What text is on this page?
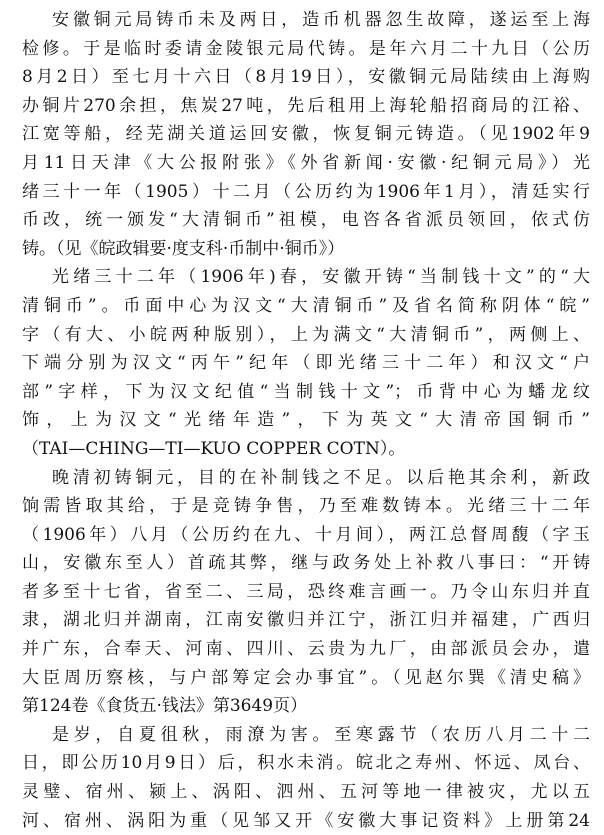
安徽铜元局铸币未及两日，造币机器忽生故障，遂运至上海
检修。于是临时委请金陵银元局代铸。是年六月二十九日（公历
8月2日）至七月十六日（8月19日），安徽铜元局陆续由上海购
办铜片270余担，焦炭27吨，先后租用上海轮船招商局的江裕、
江宽等船，经芜湖关道运回安徽，恢复铜元铸造。（见1902年9
月11日天津《大公报附张》《外省新闻·安徽·纪铜元局》）光
绪三十一年（1905）十二月（公历约为1906年1月），清廷实行
币改，统一颁发“大清铜币”祖模，电咨各省派员领回，依式仿
铸。（见《皖政辑要·度支科·币制中·铜币》）
光绪三十二年（1906年)春，安徽开铸“当制钱十文”的“大
清铜币”。币面中心为汉文“大清铜币”及省名简称阴体“皖”
字（有大、小皖两种版别），上为满文“大清铜币”，两侧上、
下端分别为汉文“丙午”纪年（即光绪三十二年）和汉文“户
部”字样，下为汉文纪值“当制钱十文”；币背中心为蟠龙纹
饰，上为汉文“光绪年造”，下为英文“大清帝国铜币”
（TAI—CHING—TI—KUO COPPER COTN）。
晚清初铸铜元，目的在补制钱之不足。以后艳其余利，新政
饷需皆取其给，于是竞铸争售，乃至难数铸本。光绪三十二年
（1906年）八月（公历约在九、十月间），两江总督周馥（字玉
山，安徽东至人）首疏其弊，继与政务处上补救八事曰：“开铸
者多至十七省，省至二、三局，恐终难言画一。乃令山东归并直
隶，湖北归并湖南，江南安徽归并江宁，浙江归并福建，广西归
并广东，合奉天、河南、四川、云贵为九厂，由部派员会办，遣
大臣周历察核，与户部筹定会办事宜”。（见赵尔巽《清史稿》
第124卷《食货五·钱法》第3649页）
是岁，自夏徂秋，雨潦为害。至寒露节（农历八月二十二
日，即公历10月9日）后，积水未消。皖北之寿州、怀远、凤台、
灵璧、宿州、颍上、涡阳、泗州、五河等地一律被灾，尤以五
河、宿州、涡阳为重（见邹又开《安徽大事记资料》上册第24
